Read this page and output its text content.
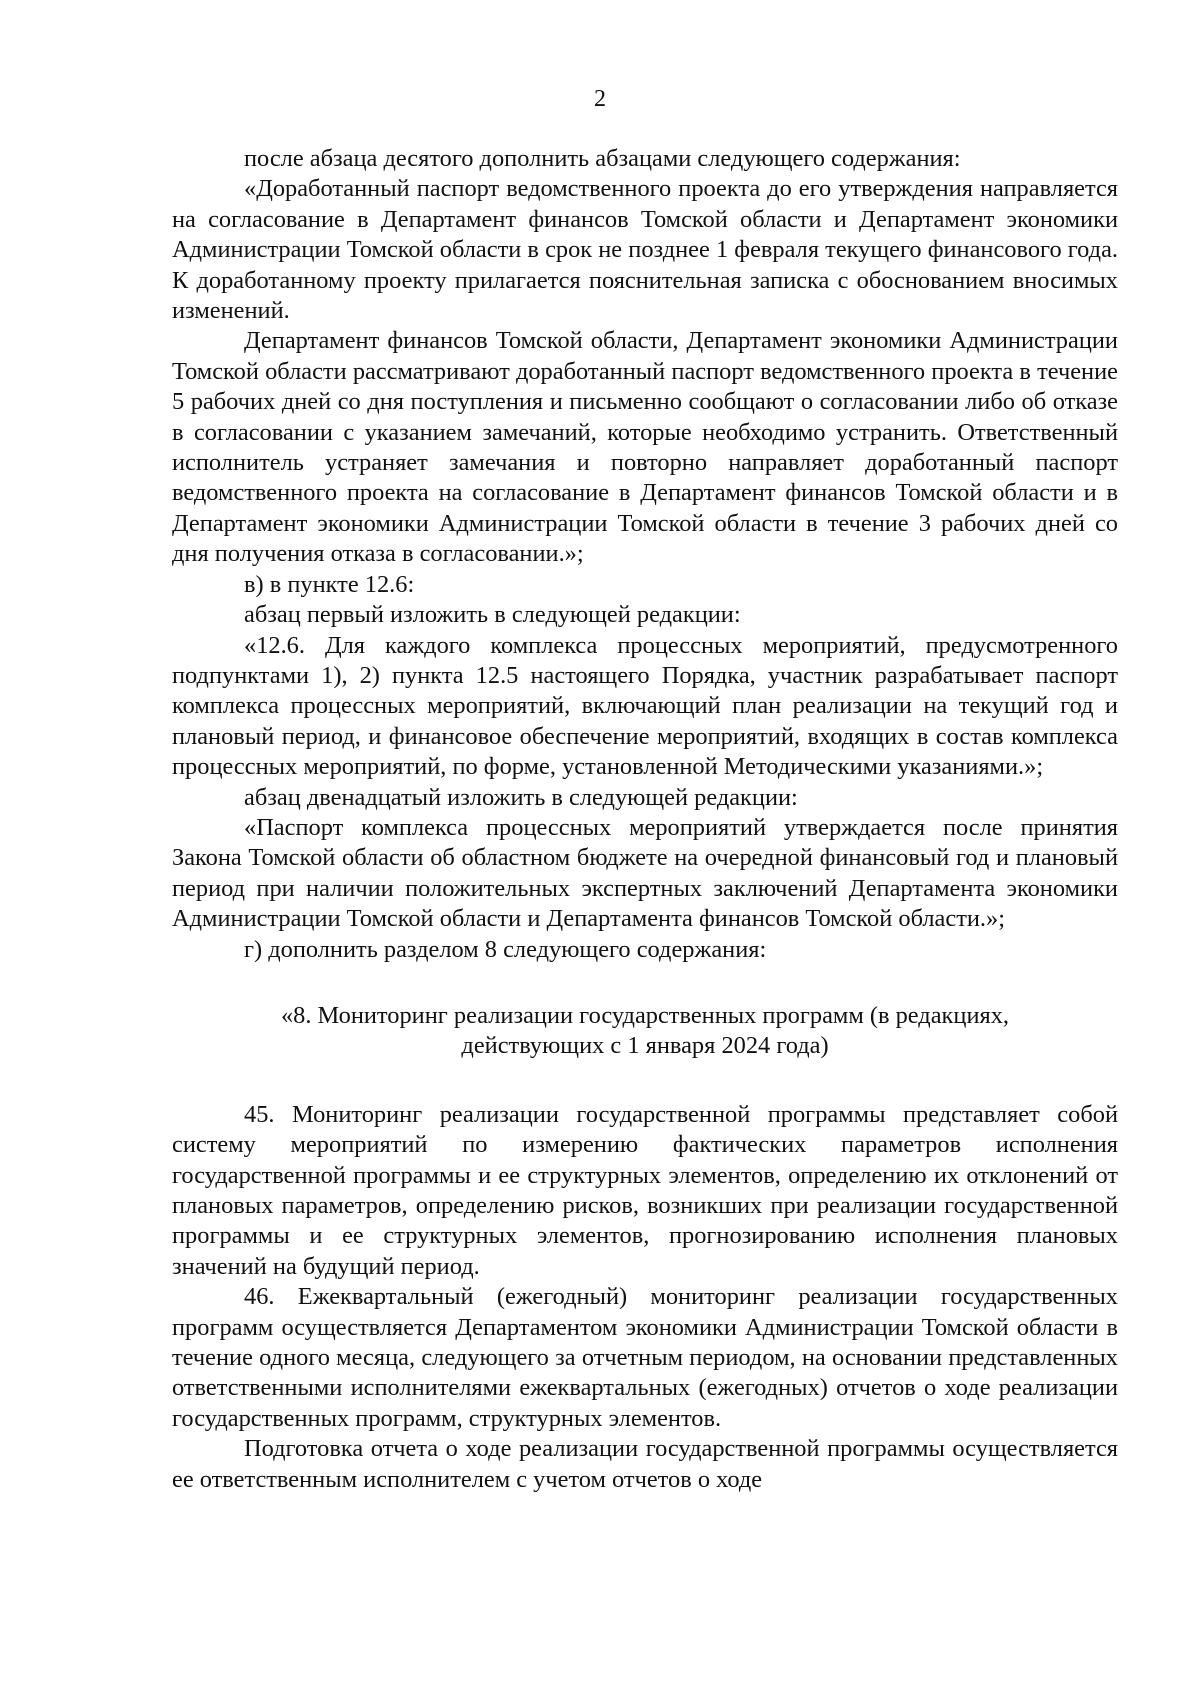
2

после абзаца десятого дополнить абзацами следующего содержания:

«Доработанный паспорт ведомственного проекта до его утверждения направляется на согласование в Департамент финансов Томской области и Департамент экономики Администрации Томской области в срок не позднее 1 февраля текущего финансового года. К доработанному проекту прилагается пояснительная записка с обоснованием вносимых изменений.

Департамент финансов Томской области, Департамент экономики Администрации Томской области рассматривают доработанный паспорт ведомственного проекта в течение 5 рабочих дней со дня поступления и письменно сообщают о согласовании либо об отказе в согласовании с указанием замечаний, которые необходимо устранить. Ответственный исполнитель устраняет замечания и повторно направляет доработанный паспорт ведомственного проекта на согласование в Департамент финансов Томской области и в Департамент экономики Администрации Томской области в течение 3 рабочих дней со дня получения отказа в согласовании.»;

в) в пункте 12.6:

абзац первый изложить в следующей редакции:

«12.6. Для каждого комплекса процессных мероприятий, предусмотренного подпунктами 1), 2) пункта 12.5 настоящего Порядка, участник разрабатывает паспорт комплекса процессных мероприятий, включающий план реализации на текущий год и плановый период, и финансовое обеспечение мероприятий, входящих в состав комплекса процессных мероприятий, по форме, установленной Методическими указаниями.»;

абзац двенадцатый изложить в следующей редакции:

«Паспорт комплекса процессных мероприятий утверждается после принятия Закона Томской области об областном бюджете на очередной финансовый год и плановый период при наличии положительных экспертных заключений Департамента экономики Администрации Томской области и Департамента финансов Томской области.»;

г) дополнить разделом 8 следующего содержания:

«8. Мониторинг реализации государственных программ (в редакциях,
действующих с 1 января 2024 года)

45. Мониторинг реализации государственной программы представляет собой систему мероприятий по измерению фактических параметров исполнения государственной программы и ее структурных элементов, определению их отклонений от плановых параметров, определению рисков, возникших при реализации государственной программы и ее структурных элементов, прогнозированию исполнения плановых значений на будущий период.

46. Ежеквартальный (ежегодный) мониторинг реализации государственных программ осуществляется Департаментом экономики Администрации Томской области в течение одного месяца, следующего за отчетным периодом, на основании представленных ответственными исполнителями ежеквартальных (ежегодных) отчетов о ходе реализации государственных программ, структурных элементов.

Подготовка отчета о ходе реализации государственной программы осуществляется ее ответственным исполнителем с учетом отчетов о ходе
